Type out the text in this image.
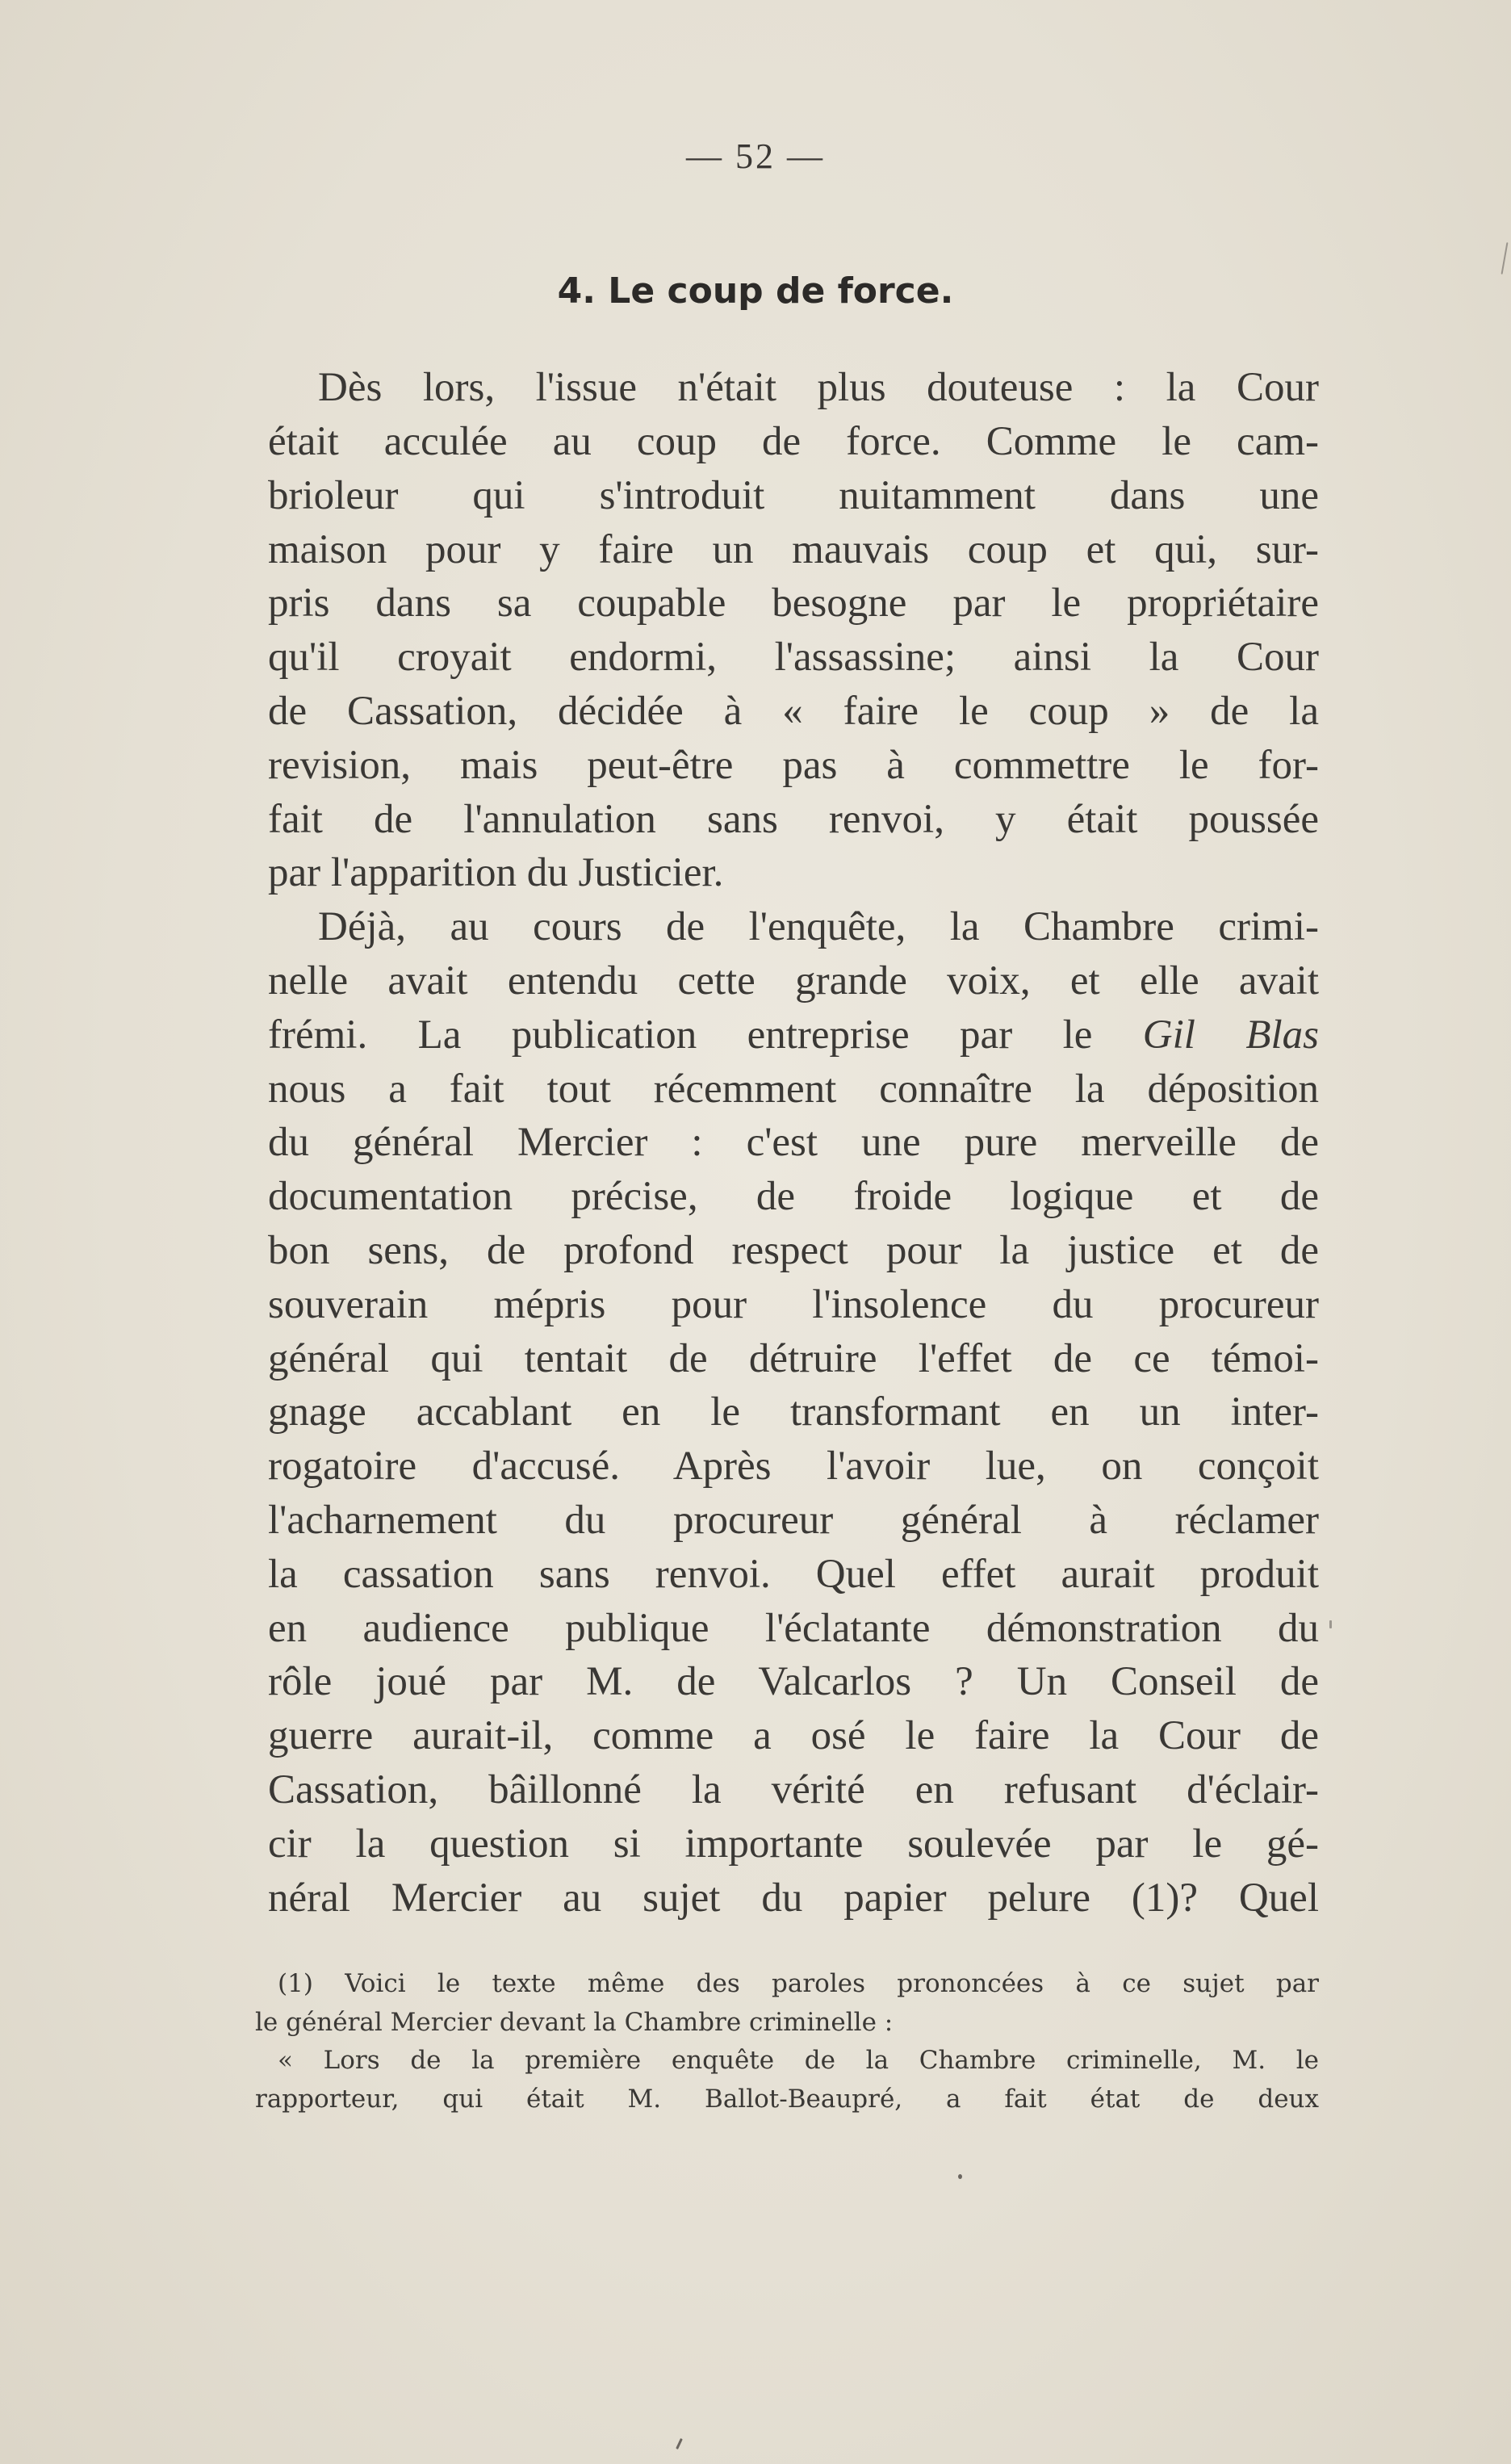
— 52 —
4. Le coup de force.
Dès lors, l'issue n'était plus douteuse : la Cour
était acculée au coup de force. Comme le cam-
brioleur qui s'introduit nuitamment dans une
maison pour y faire un mauvais coup et qui, sur-
pris dans sa coupable besogne par le propriétaire
qu'il croyait endormi, l'assassine; ainsi la Cour
de Cassation, décidée à « faire le coup » de la
revision, mais peut-être pas à commettre le for-
fait de l'annulation sans renvoi, y était poussée
par l'apparition du Justicier.
Déjà, au cours de l'enquête, la Chambre crimi-
nelle avait entendu cette grande voix, et elle avait
frémi. La publication entreprise par le Gil Blas
nous a fait tout récemment connaître la déposition
du général Mercier : c'est une pure merveille de
documentation précise, de froide logique et de
bon sens, de profond respect pour la justice et de
souverain mépris pour l'insolence du procureur
général qui tentait de détruire l'effet de ce témoi-
gnage accablant en le transformant en un inter-
rogatoire d'accusé. Après l'avoir lue, on conçoit
l'acharnement du procureur général à réclamer
la cassation sans renvoi. Quel effet aurait produit
en audience publique l'éclatante démonstration du
rôle joué par M. de Valcarlos ? Un Conseil de
guerre aurait-il, comme a osé le faire la Cour de
Cassation, bâillonné la vérité en refusant d'éclair-
cir la question si importante soulevée par le gé-
néral Mercier au sujet du papier pelure (1)? Quel
(1) Voici le texte même des paroles prononcées à ce sujet par
le général Mercier devant la Chambre criminelle :
« Lors de la première enquête de la Chambre criminelle, M. le
rapporteur, qui était M. Ballot-Beaupré, a fait état de deux
